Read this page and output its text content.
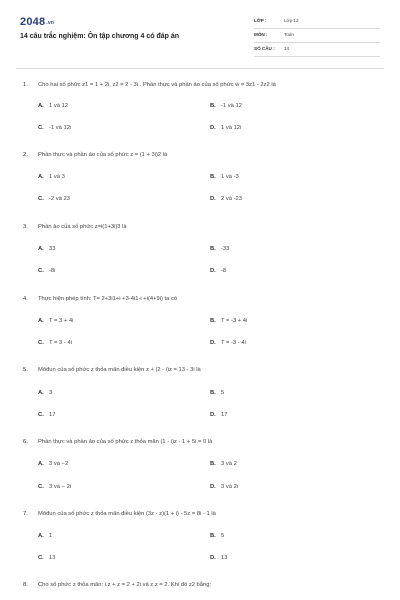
2048.vn
14 câu trắc nghiệm: Ôn tập chương 4 có đáp án
LỚP :	Lớp 12
MÔN :	Toán
SỐ CÂU : 14
1. Cho hai số phức z1 = 1 + 2i, z2 = 2 - 3i . Phần thực và phần ảo của số phức w = 3z1 - 2z2 là
A. 1 và 12	B. -1 và 12
C. -1 và 12i	D. 1 và 12i
2. Phần thực và phần ảo của số phức z = (1 + 3i)2 là
A. 1 và 3	B. 1 và -3
C. -2 và 23	D. 2 và -23
3. Phần ảo của số phức z=i(1+3i)3 là
A. 33	B. -33
C. -8i	D. -8
4. Thực hiện phép tính: T= 2+3i1+i +3-4i1-i +i(4+9i) ta có
A. T = 3 + 4i	B. T = -3 + 4i
C. T = 3 - 4i	D. T = -3 - 4i
5. Môđun của số phức z thỏa mãn điều kiện z + (2 - i)z = 13 - 3i là
A. 3	B. 5
C. 17	D. 17
6. Phần thực và phần ảo của số phức z thỏa mãn (1 - i)z - 1 + 5i = 0 là
A. 3 và −2	B. 3 và 2
C. 3 và − 2i	D. 3 và 2i
7. Môđun của số phức z thỏa mãn điều kiện (3z - z)(1 + i) - 5z = 8i - 1 là
A. 1	B. 5
C. 13	D. 13
8. Cho số phức z thỏa mãn: i.z + z = 2 + 2i và z.z = 2. Khi đó z2 bằng:
